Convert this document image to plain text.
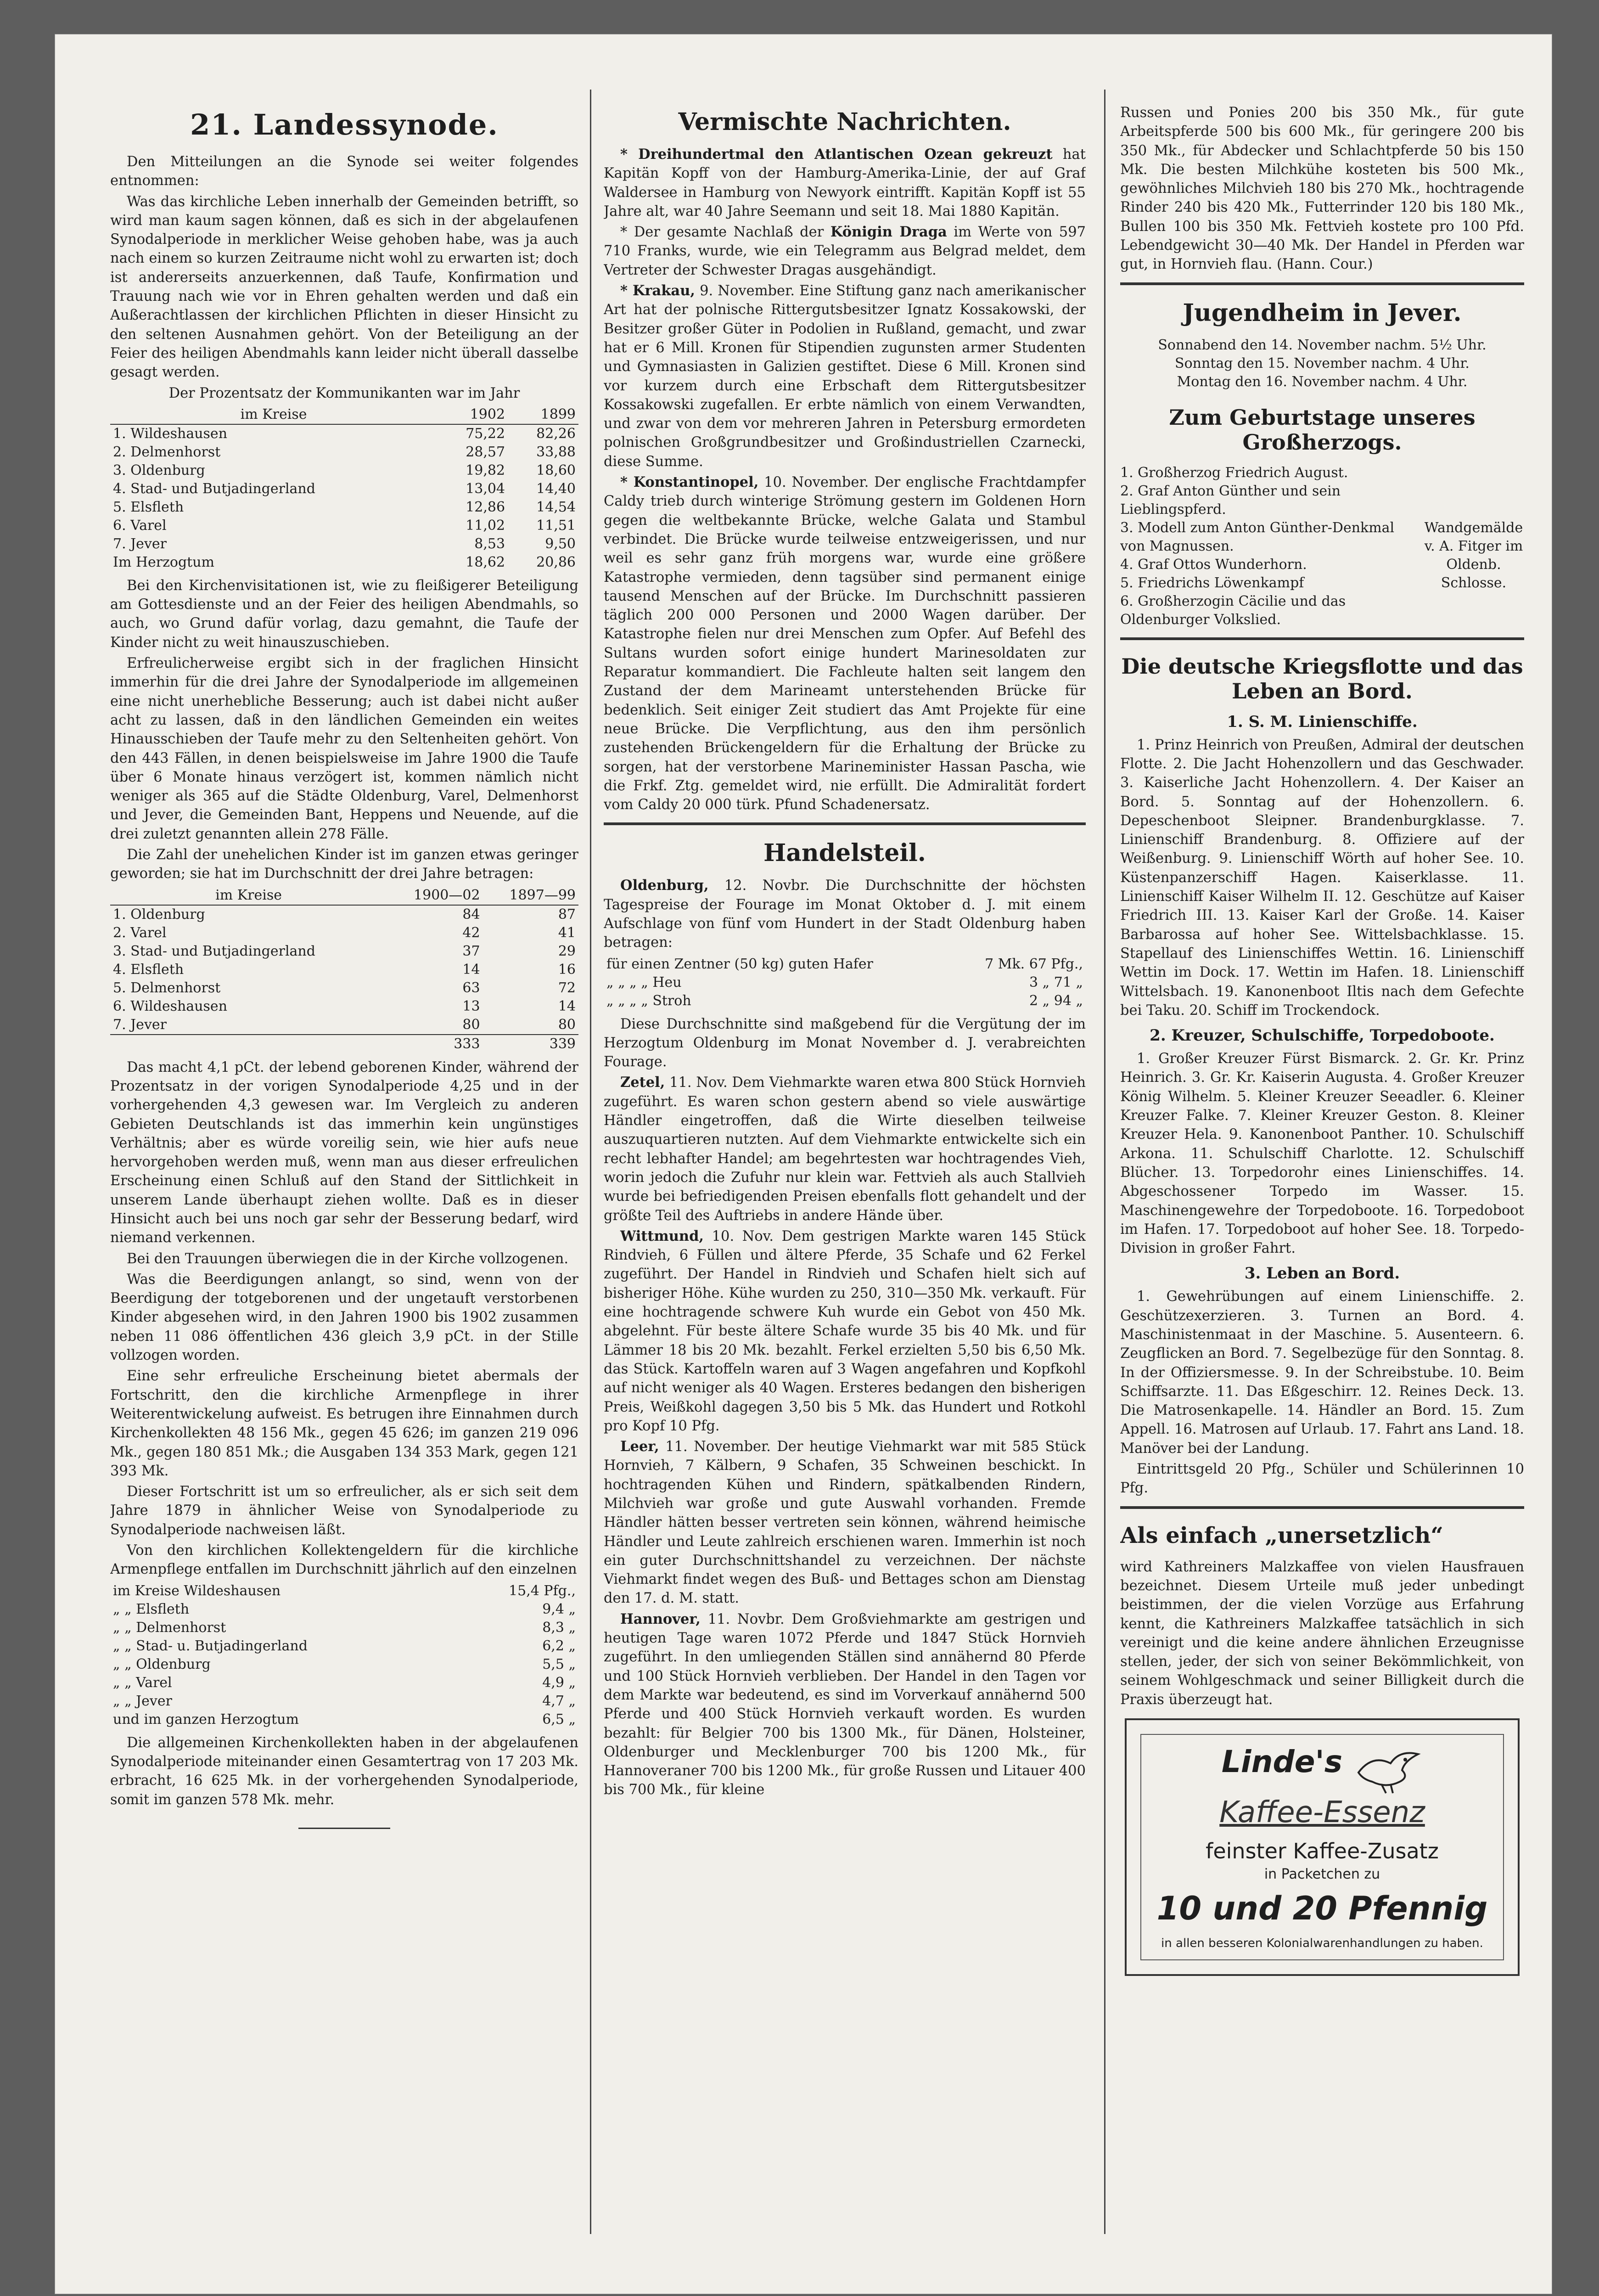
21. Landessynode.

Den Mitteilungen an die Synode sei weiter folgendes entnommen:

Was das kirchliche Leben innerhalb der Gemeinden betrifft, so wird man kaum sagen können, daß es sich in der abgelaufenen Synodalperiode in merklicher Weise gehoben habe, was ja auch nach einem so kurzen Zeitraume nicht wohl zu erwarten ist; doch ist andererseits anzuerkennen, daß Taufe, Konfirmation und Trauung nach wie vor in Ehren gehalten werden und daß ein Außerachtlassen der kirchlichen Pflichten in dieser Hinsicht zu den seltenen Ausnahmen gehört. Von der Beteiligung an der Feier des heiligen Abendmahls kann leider nicht überall dasselbe gesagt werden.

Der Prozentsatz der Kommunikanten war im Jahr

im Kreise	1902	1899
1. Wildeshausen	75,22	82,26
2. Delmenhorst	28,57	33,88
3. Oldenburg	19,82	18,60
4. Stad- und Butjadingerland	13,04	14,40
5. Elsfleth	12,86	14,54
6. Varel	11,02	11,51
7. Jever	8,53	9,50
Im Herzogtum	18,62	20,86

Bei den Kirchenvisitationen ist, wie zu fleißigerer Beteiligung am Gottesdienste und an der Feier des heiligen Abendmahls, so auch, wo Grund dafür vorlag, dazu gemahnt, die Taufe der Kinder nicht zu weit hinauszuschieben.

Erfreulicherweise ergibt sich in der fraglichen Hinsicht immerhin für die drei Jahre der Synodalperiode im allgemeinen eine nicht unerhebliche Besserung; auch ist dabei nicht außer acht zu lassen, daß in den ländlichen Gemeinden ein weites Hinausschieben der Taufe mehr zu den Seltenheiten gehört. Von den 443 Fällen, in denen beispielsweise im Jahre 1900 die Taufe über 6 Monate hinaus verzögert ist, kommen nämlich nicht weniger als 365 auf die Städte Oldenburg, Varel, Delmenhorst und Jever, die Gemeinden Bant, Heppens und Neuende, auf die drei zuletzt genannten allein 278 Fälle.

Die Zahl der unehelichen Kinder ist im ganzen etwas geringer geworden; sie hat im Durchschnitt der drei Jahre betragen:

im Kreise	1900—02	1897—99
1. Oldenburg	84	87
2. Varel	42	41
3. Stad- und Butjadingerland	37	29
4. Elsfleth	14	16
5. Delmenhorst	63	72
6. Wildeshausen	13	14
7. Jever	80	80
	333	339

Das macht 4,1 pCt. der lebend geborenen Kinder, während der Prozentsatz in der vorigen Synodalperiode 4,25 und in der vorhergehenden 4,3 gewesen war. Im Vergleich zu anderen Gebieten Deutschlands ist das immerhin kein ungünstiges Verhältnis; aber es würde voreilig sein, wie hier aufs neue hervorgehoben werden muß, wenn man aus dieser erfreulichen Erscheinung einen Schluß auf den Stand der Sittlichkeit in unserem Lande überhaupt ziehen wollte. Daß es in dieser Hinsicht auch bei uns noch gar sehr der Besserung bedarf, wird niemand verkennen.

Bei den Trauungen überwiegen die in der Kirche vollzogenen.

Was die Beerdigungen anlangt, so sind, wenn von der Beerdigung der totgeborenen und der ungetauft verstorbenen Kinder abgesehen wird, in den Jahren 1900 bis 1902 zusammen neben 11 086 öffentlichen 436 gleich 3,9 pCt. in der Stille vollzogen worden.

Eine sehr erfreuliche Erscheinung bietet abermals der Fortschritt, den die kirchliche Armenpflege in ihrer Weiterentwickelung aufweist. Es betrugen ihre Einnahmen durch Kirchenkollekten 48 156 Mk., gegen 45 626; im ganzen 219 096 Mk., gegen 180 851 Mk.; die Ausgaben 134 353 Mark, gegen 121 393 Mk.

Dieser Fortschritt ist um so erfreulicher, als er sich seit dem Jahre 1879 in ähnlicher Weise von Synodalperiode zu Synodalperiode nachweisen läßt.

Von den kirchlichen Kollektengeldern für die kirchliche Armenpflege entfallen im Durchschnitt jährlich auf den einzelnen

im Kreise Wildeshausen	15,4 Pfg.,
„ „ Elsfleth	9,4 „
„ „ Delmenhorst	8,3 „
„ „ Stad- u. Butjadingerland	6,2 „
„ „ Oldenburg	5,5 „
„ „ Varel	4,9 „
„ „ Jever	4,7 „
und im ganzen Herzogtum	6,5 „

Die allgemeinen Kirchenkollekten haben in der abgelaufenen Synodalperiode miteinander einen Gesamtertrag von 17 203 Mk. erbracht, 16 625 Mk. in der vorhergehenden Synodalperiode, somit im ganzen 578 Mk. mehr.

Vermischte Nachrichten.

* Dreihundertmal den Atlantischen Ozean gekreuzt hat Kapitän Kopff von der Hamburg-Amerika-Linie, der auf Graf Waldersee in Hamburg von Newyork eintrifft. Kapitän Kopff ist 55 Jahre alt, war 40 Jahre Seemann und seit 18. Mai 1880 Kapitän.

* Der gesamte Nachlaß der Königin Draga im Werte von 597 710 Franks, wurde, wie ein Telegramm aus Belgrad meldet, dem Vertreter der Schwester Dragas ausgehändigt.

* Krakau, 9. November. Eine Stiftung ganz nach amerikanischer Art hat der polnische Rittergutsbesitzer Ignatz Kossakowski, der Besitzer großer Güter in Podolien in Rußland, gemacht, und zwar hat er 6 Mill. Kronen für Stipendien zugunsten armer Studenten und Gymnasiasten in Galizien gestiftet. Diese 6 Mill. Kronen sind vor kurzem durch eine Erbschaft dem Rittergutsbesitzer Kossakowski zugefallen. Er erbte nämlich von einem Verwandten, und zwar von dem vor mehreren Jahren in Petersburg ermordeten polnischen Großgrundbesitzer und Großindustriellen Czarnecki, diese Summe.

* Konstantinopel, 10. November. Der englische Frachtdampfer Caldy trieb durch winterige Strömung gestern im Goldenen Horn gegen die weltbekannte Brücke, welche Galata und Stambul verbindet. Die Brücke wurde teilweise entzweigerissen, und nur weil es sehr ganz früh morgens war, wurde eine größere Katastrophe vermieden, denn tagsüber sind permanent einige tausend Menschen auf der Brücke. Im Durchschnitt passieren täglich 200 000 Personen und 2000 Wagen darüber. Der Katastrophe fielen nur drei Menschen zum Opfer. Auf Befehl des Sultans wurden sofort einige hundert Marinesoldaten zur Reparatur kommandiert. Die Fachleute halten seit langem den Zustand der dem Marineamt unterstehenden Brücke für bedenklich. Seit einiger Zeit studiert das Amt Projekte für eine neue Brücke. Die Verpflichtung, aus den ihm persönlich zustehenden Brückengeldern für die Erhaltung der Brücke zu sorgen, hat der verstorbene Marineminister Hassan Pascha, wie die Frkf. Ztg. gemeldet wird, nie erfüllt. Die Admiralität fordert vom Caldy 20 000 türk. Pfund Schadenersatz.

Handelsteil.

Oldenburg, 12. Novbr. Die Durchschnitte der höchsten Tagespreise der Fourage im Monat Oktober d. J. mit einem Aufschlage von fünf vom Hundert in der Stadt Oldenburg haben betragen:

für einen Zentner (50 kg) guten Hafer	7 Mk. 67 Pfg.,
„ „ „ „ Heu	3 „ 71 „
„ „ „ „ Stroh	2 „ 94 „

Diese Durchschnitte sind maßgebend für die Vergütung der im Herzogtum Oldenburg im Monat November d. J. verabreichten Fourage.

Zetel, 11. Nov. Dem Viehmarkte waren etwa 800 Stück Hornvieh zugeführt. Es waren schon gestern abend so viele auswärtige Händler eingetroffen, daß die Wirte dieselben teilweise auszuquartieren nutzten. Auf dem Viehmarkte entwickelte sich ein recht lebhafter Handel; am begehrtesten war hochtragendes Vieh, worin jedoch die Zufuhr nur klein war. Fettvieh als auch Stallvieh wurde bei befriedigenden Preisen ebenfalls flott gehandelt und der größte Teil des Auftriebs in andere Hände über.

Wittmund, 10. Nov. Dem gestrigen Markte waren 145 Stück Rindvieh, 6 Füllen und ältere Pferde, 35 Schafe und 62 Ferkel zugeführt. Der Handel in Rindvieh und Schafen hielt sich auf bisheriger Höhe. Kühe wurden zu 250, 310—350 Mk. verkauft. Für eine hochtragende schwere Kuh wurde ein Gebot von 450 Mk. abgelehnt. Für beste ältere Schafe wurde 35 bis 40 Mk. und für Lämmer 18 bis 20 Mk. bezahlt. Ferkel erzielten 5,50 bis 6,50 Mk. das Stück. Kartoffeln waren auf 3 Wagen angefahren und Kopfkohl auf nicht weniger als 40 Wagen. Ersteres bedangen den bisherigen Preis, Weißkohl dagegen 3,50 bis 5 Mk. das Hundert und Rotkohl pro Kopf 10 Pfg.

Leer, 11. November. Der heutige Viehmarkt war mit 585 Stück Hornvieh, 7 Kälbern, 9 Schafen, 35 Schweinen beschickt. In hochtragenden Kühen und Rindern, spätkalbenden Rindern, Milchvieh war große und gute Auswahl vorhanden. Fremde Händler hätten besser vertreten sein können, während heimische Händler und Leute zahlreich erschienen waren. Immerhin ist noch ein guter Durchschnittshandel zu verzeichnen. Der nächste Viehmarkt findet wegen des Buß- und Bettages schon am Dienstag den 17. d. M. statt.

Hannover, 11. Novbr. Dem Großviehmarkte am gestrigen und heutigen Tage waren 1072 Pferde und 1847 Stück Hornvieh zugeführt. In den umliegenden Ställen sind annähernd 80 Pferde und 100 Stück Hornvieh verblieben. Der Handel in den Tagen vor dem Markte war bedeutend, es sind im Vorverkauf annähernd 500 Pferde und 400 Stück Hornvieh verkauft worden. Es wurden bezahlt: für Belgier 700 bis 1300 Mk., für Dänen, Holsteiner, Oldenburger und Mecklenburger 700 bis 1200 Mk., für Hannoveraner 700 bis 1200 Mk., für große Russen und Litauer 400 bis 700 Mk., für kleine

Russen und Ponies 200 bis 350 Mk., für gute Arbeitspferde 500 bis 600 Mk., für geringere 200 bis 350 Mk., für Abdecker und Schlachtpferde 50 bis 150 Mk. Die besten Milchkühe kosteten bis 500 Mk., gewöhnliches Milchvieh 180 bis 270 Mk., hochtragende Rinder 240 bis 420 Mk., Futterrinder 120 bis 180 Mk., Bullen 100 bis 350 Mk. Fettvieh kostete pro 100 Pfd. Lebendgewicht 30—40 Mk. Der Handel in Pferden war gut, in Hornvieh flau. (Hann. Cour.)

Jugendheim in Jever.
Sonnabend den 14. November nachm. 5½ Uhr.
Sonntag den 15. November nachm. 4 Uhr.
Montag den 16. November nachm. 4 Uhr.
Zum Geburtstage unseres Großherzogs.
1. Großherzog Friedrich August.
2. Graf Anton Günther und sein Lieblingspferd.
3. Modell zum Anton Günther-Denkmal von Magnussen.
4. Graf Ottos Wunderhorn.
5. Friedrichs Löwenkampf
6. Großherzogin Cäcilie und das Oldenburger Volkslied.
Wandgemälde v. A. Fitger im Oldenb. Schlosse.
Die deutsche Kriegsflotte und das Leben an Bord.
1. S. M. Linienschiffe.

1. Prinz Heinrich von Preußen, Admiral der deutschen Flotte. 2. Die Jacht Hohenzollern und das Geschwader. 3. Kaiserliche Jacht Hohenzollern. 4. Der Kaiser an Bord. 5. Sonntag auf der Hohenzollern. 6. Depeschenboot Sleipner. Brandenburgklasse. 7. Linienschiff Brandenburg. 8. Offiziere auf der Weißenburg. 9. Linienschiff Wörth auf hoher See. 10. Küstenpanzerschiff Hagen. Kaiserklasse. 11. Linienschiff Kaiser Wilhelm II. 12. Geschütze auf Kaiser Friedrich III. 13. Kaiser Karl der Große. 14. Kaiser Barbarossa auf hoher See. Wittelsbachklasse. 15. Stapellauf des Linienschiffes Wettin. 16. Linienschiff Wettin im Dock. 17. Wettin im Hafen. 18. Linienschiff Wittelsbach. 19. Kanonenboot Iltis nach dem Gefechte bei Taku. 20. Schiff im Trockendock.

2. Kreuzer, Schulschiffe, Torpedoboote.

1. Großer Kreuzer Fürst Bismarck. 2. Gr. Kr. Prinz Heinrich. 3. Gr. Kr. Kaiserin Augusta. 4. Großer Kreuzer König Wilhelm. 5. Kleiner Kreuzer Seeadler. 6. Kleiner Kreuzer Falke. 7. Kleiner Kreuzer Geston. 8. Kleiner Kreuzer Hela. 9. Kanonenboot Panther. 10. Schulschiff Arkona. 11. Schulschiff Charlotte. 12. Schulschiff Blücher. 13. Torpedorohr eines Linienschiffes. 14. Abgeschossener Torpedo im Wasser. 15. Maschinengewehre der Torpedoboote. 16. Torpedoboot im Hafen. 17. Torpedoboot auf hoher See. 18. Torpedo-Division in großer Fahrt.

3. Leben an Bord.

1. Gewehrübungen auf einem Linienschiffe. 2. Geschützexerzieren. 3. Turnen an Bord. 4. Maschinistenmaat in der Maschine. 5. Ausenteern. 6. Zeugflicken an Bord. 7. Segelbezüge für den Sonntag. 8. In der Offiziersmesse. 9. In der Schreibstube. 10. Beim Schiffsarzte. 11. Das Eßgeschirr. 12. Reines Deck. 13. Die Matrosenkapelle. 14. Händler an Bord. 15. Zum Appell. 16. Matrosen auf Urlaub. 17. Fahrt ans Land. 18. Manöver bei der Landung.

Eintrittsgeld 20 Pfg., Schüler und Schülerinnen 10 Pfg.

Als einfach „unersetzlich“

wird Kathreiners Malzkaffee von vielen Hausfrauen bezeichnet. Diesem Urteile muß jeder unbedingt beistimmen, der die vielen Vorzüge aus Erfahrung kennt, die Kathreiners Malzkaffee tatsächlich in sich vereinigt und die keine andere ähnlichen Erzeugnisse stellen, jeder, der sich von seiner Bekömmlichkeit, von seinem Wohlgeschmack und seiner Billigkeit durch die Praxis überzeugt hat.

Linde's
Kaffee-Essenz
feinster Kaffee-Zusatz
in Packetchen zu
10 und 20 Pfennig
in allen besseren Kolonialwarenhandlungen zu haben.
